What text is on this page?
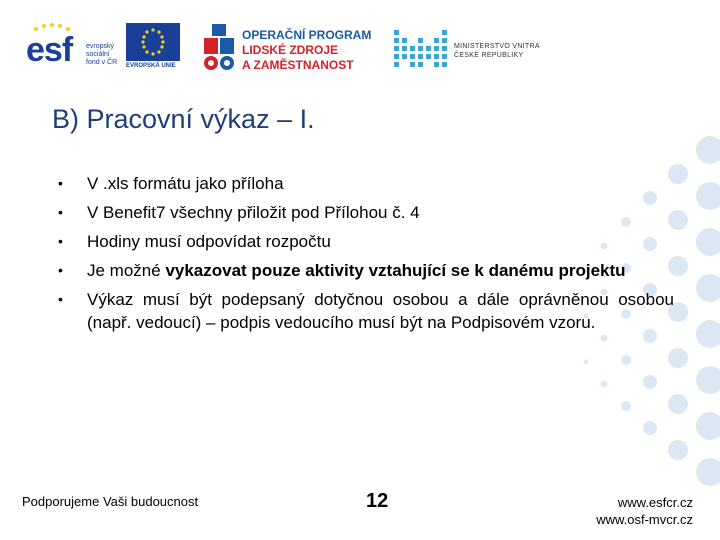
esf evropský
sociální
fond v ČR EVROPSKÁ UNIE
OPERAČNÍ PROGRAM
LIDSKÉ ZDROJE
A ZAMĚSTNANOST
MINISTERSTVO VNITRA
ČESKÉ REPUBLIKY
B) Pracovní výkaz – I.
• V .xls formátu jako příloha
• V Benefit7 všechny přiložit pod Přílohou č. 4
• Hodiny musí odpovídat rozpočtu
• Je možné vykazovat pouze aktivity vztahující se k danému projektu
• Výkaz musí být podepsaný dotyčnou osobou a dále oprávněnou osobou (např. vedoucí) – podpis vedoucího musí být na Podpisovém vzoru.
Podporujeme Vaši budoucnost	12	www.esfcr.cz
www.osf-mvcr.cz
